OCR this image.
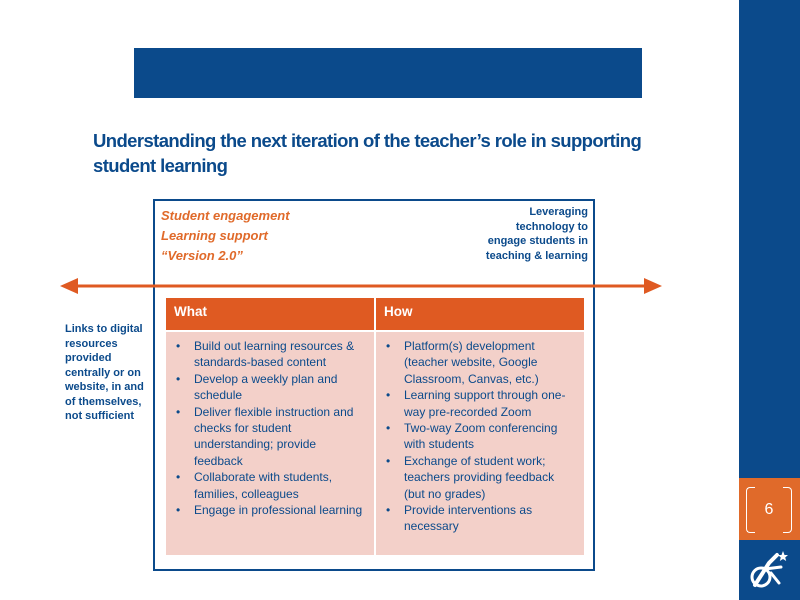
6
Understanding the next iteration of the teacher’s role in supporting student learning
Student engagement
Learning support
“Version 2.0”
Leveraging technology to engage students in teaching & learning
Links to digital resources provided centrally or on website, in and of themselves, not sufficient
What	How
• Build out learning resources & standards-based content
• Develop a weekly plan and schedule
• Deliver flexible instruction and checks for student understanding; provide feedback
• Collaborate with students, families, colleagues
• Engage in professional learning
• Platform(s) development (teacher website, Google Classroom, Canvas, etc.)
• Learning support through one-way pre-recorded Zoom
• Two-way Zoom conferencing with students
• Exchange of student work; teachers providing feedback (but no grades)
• Provide interventions as necessary
